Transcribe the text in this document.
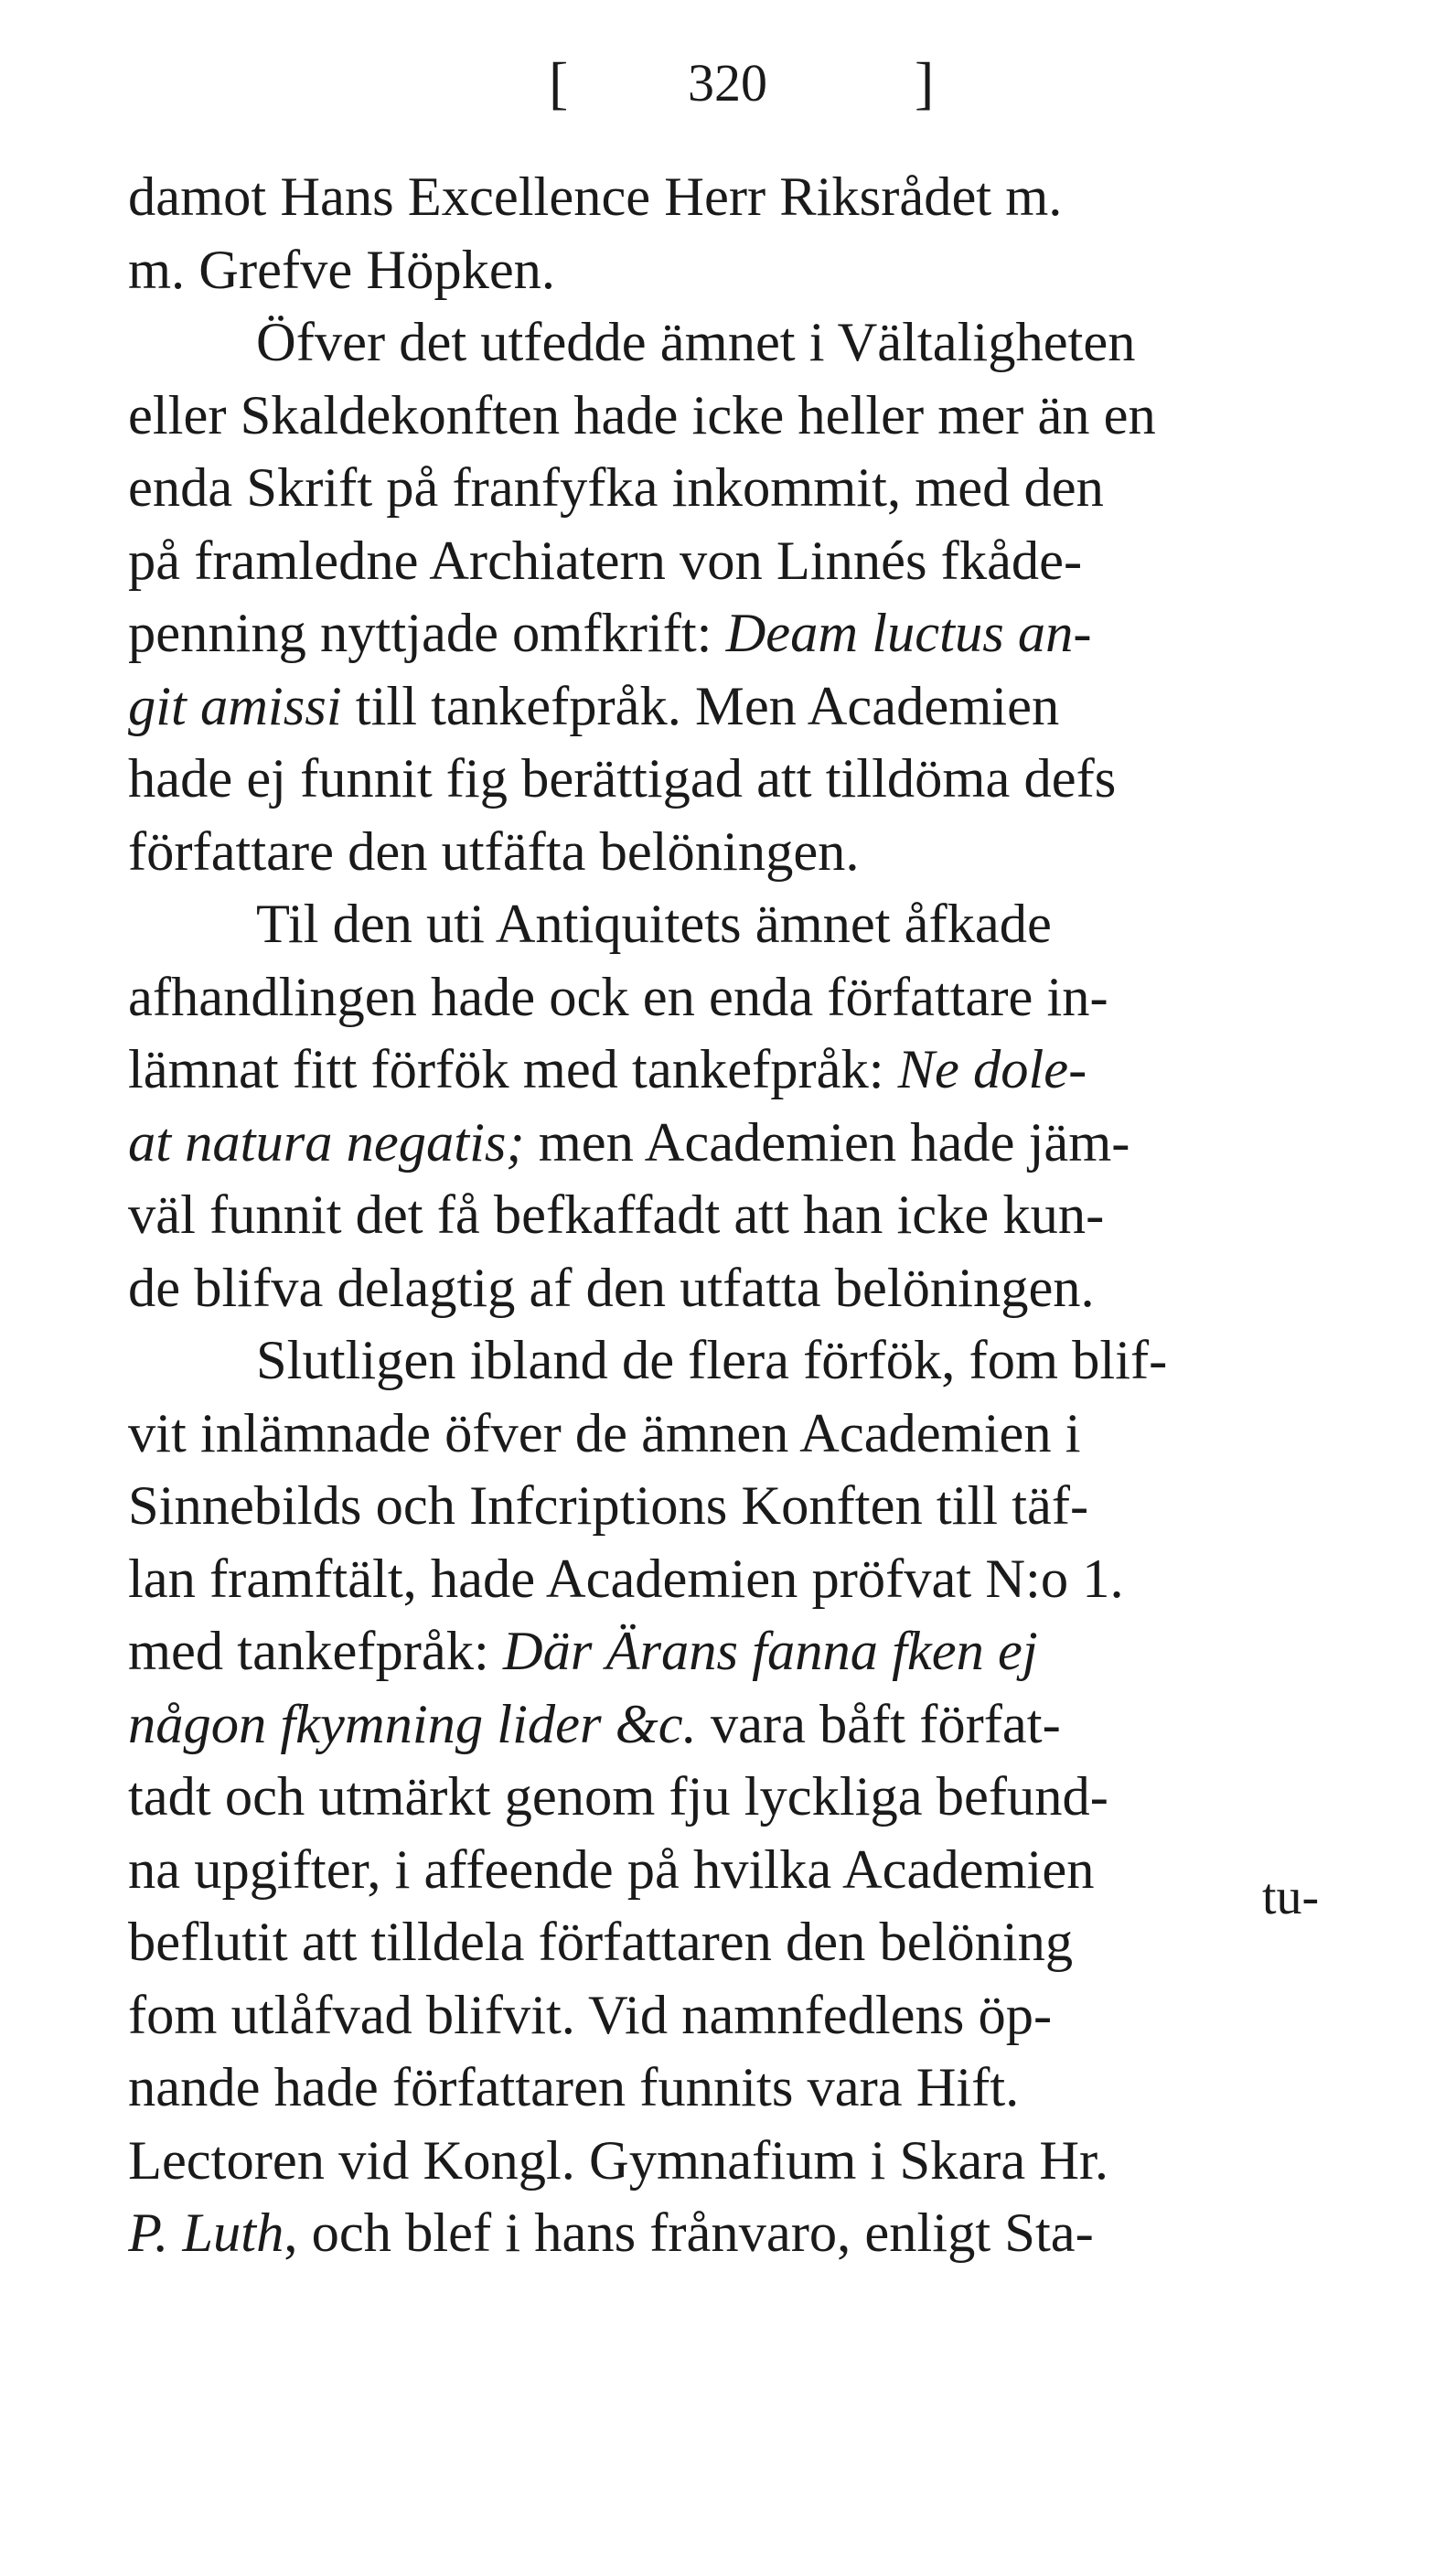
[ 320	]
damot Hans Excellence Herr Riksrådet m.
m. Grefve Höpken.
Öfver det utfedde ämnet i Vältaligheten
eller Skaldekonften hade icke heller mer än en
enda Skrift på franfyfka inkommit, med den
på framledne Archiatern von Linnés fkåde-
penning nyttjade omfkrift: Deam luctus an-
git amissi till tankefpråk. Men Academien
hade ej funnit fig berättigad att tilldöma defs
författare den utfäfta belöningen.
Til den uti Antiquitets ämnet åfkade
afhandlingen hade ock en enda författare in-
lämnat fitt förfök med tankefpråk: Ne dole-
at natura negatis; men Academien hade jäm-
väl funnit det få befkaffadt att han icke kun-
de blifva delagtig af den utfatta belöningen.
Slutligen ibland de flera förfök, fom blif-
vit inlämnade öfver de ämnen Academien i
Sinnebilds och Infcriptions Konften till täf-
lan framftält, hade Academien pröfvat N:o 1.
med tankefpråk: Där Ärans fanna fken ej
någon fkymning lider &c. vara båft förfat-
tadt och utmärkt genom fju lyckliga befund-
na upgifter, i affeende på hvilka Academien
beflutit att tilldela författaren den belöning
fom utlåfvad blifvit. Vid namnfedlens öp-
nande hade författaren funnits vara Hift.
Lectoren vid Kongl. Gymnafium i Skara Hr.
P. Luth, och blef i hans frånvaro, enligt Sta-
tu-
